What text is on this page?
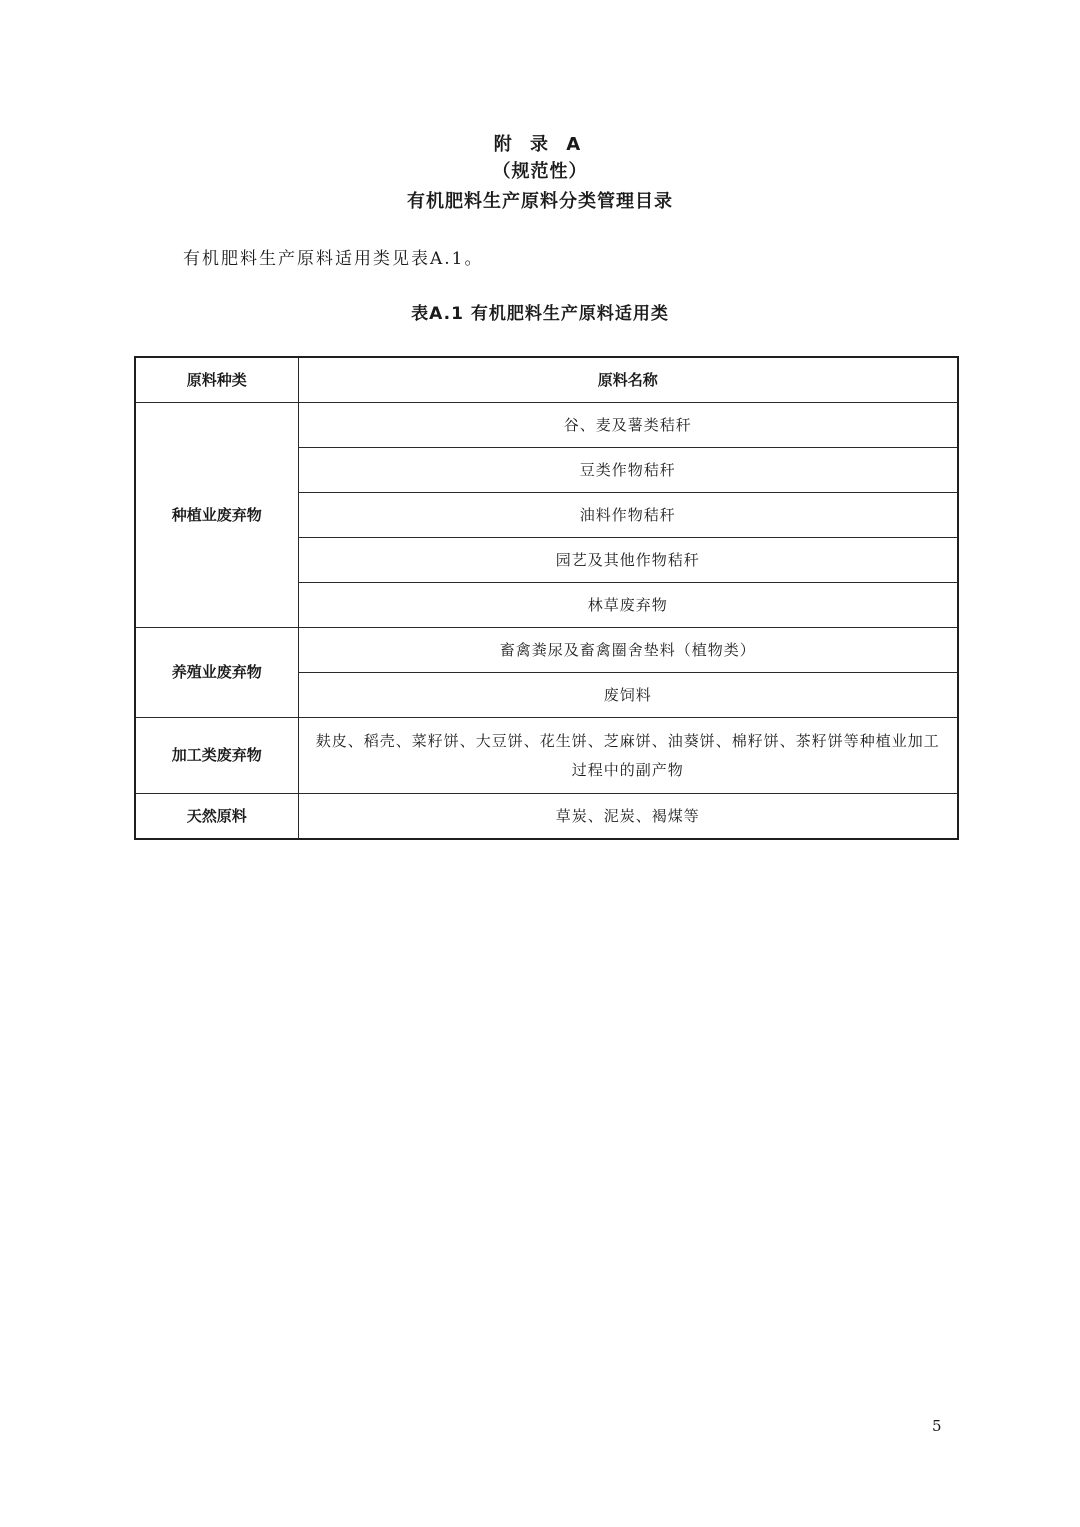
附 录 A
（规范性）
有机肥料生产原料分类管理目录
有机肥料生产原料适用类见表A.1。
表A.1 有机肥料生产原料适用类
原料种类	原料名称
种植业废弃物	谷、麦及薯类秸秆
	豆类作物秸秆
	油料作物秸秆
	园艺及其他作物秸秆
	林草废弃物
养殖业废弃物	畜禽粪尿及畜禽圈舍垫料（植物类）
	废饲料
加工类废弃物	麸皮、稻壳、菜籽饼、大豆饼、花生饼、芝麻饼、油葵饼、棉籽饼、茶籽饼等种植业加工过程中的副产物
天然原料	草炭、泥炭、褐煤等
5
